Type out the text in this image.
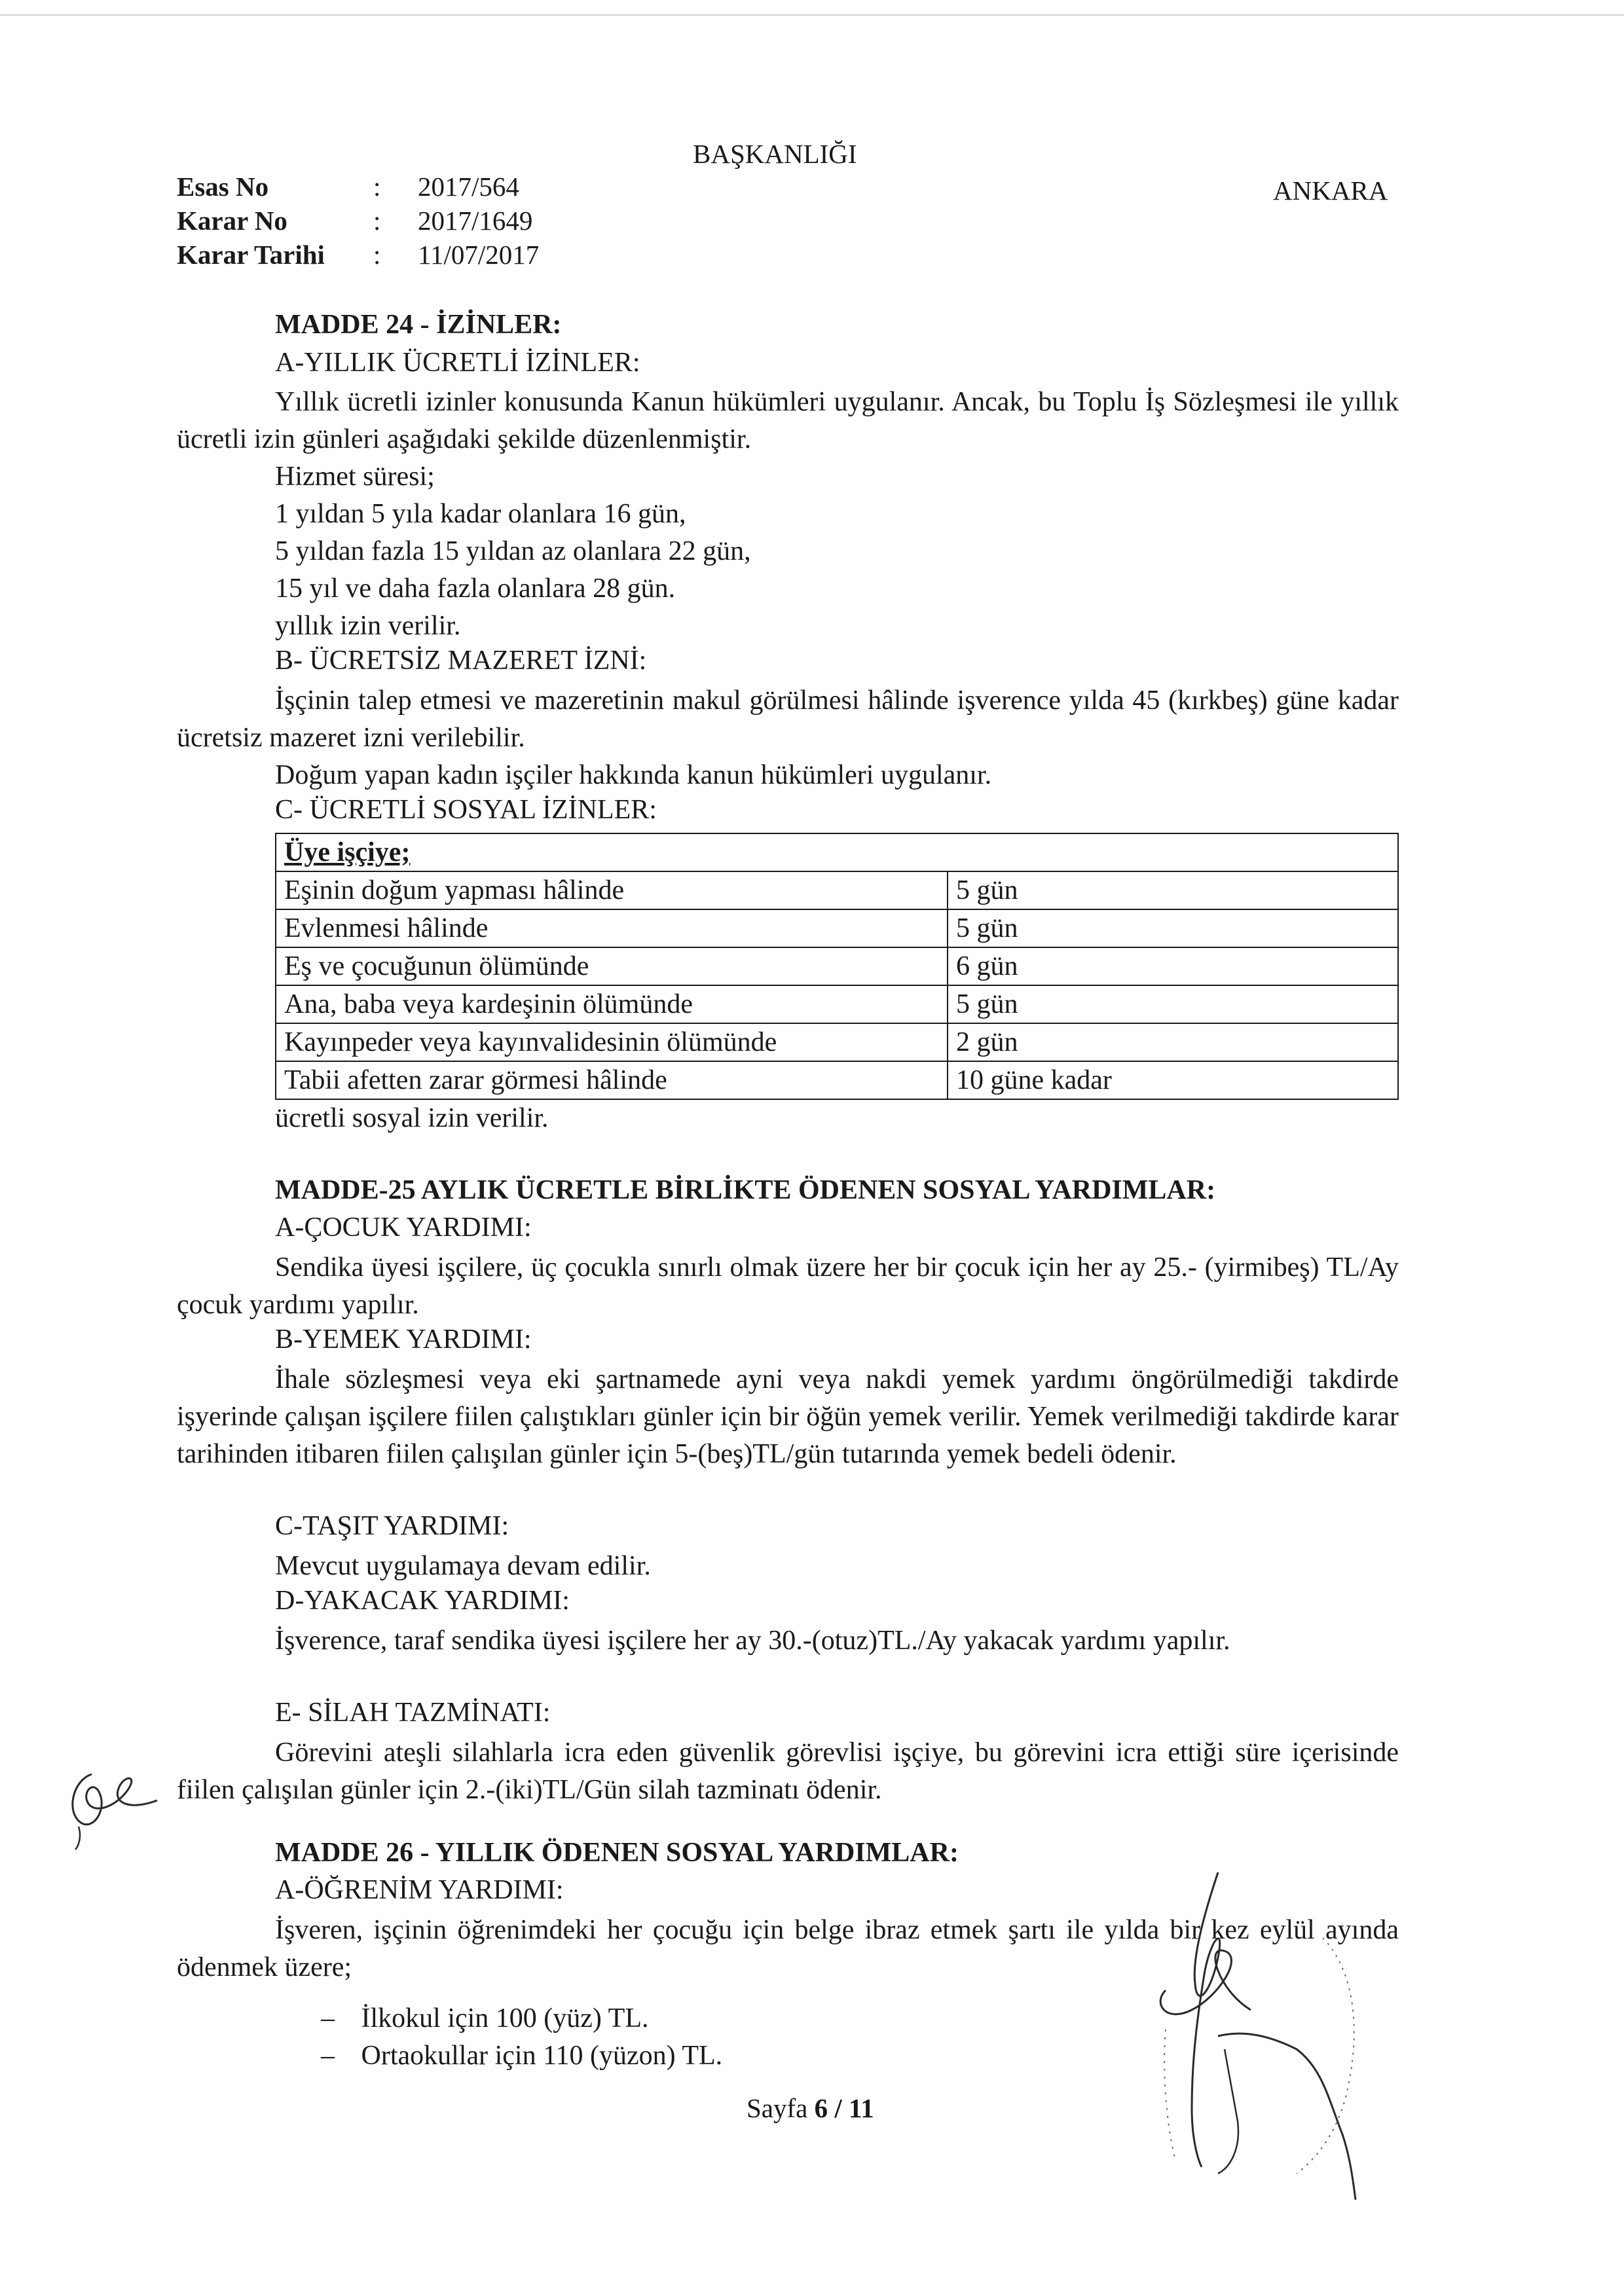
BAŞKANLIĞI
ANKARA
Esas No	: 2017/564
Karar No	: 2017/1649
Karar Tarihi : 11/07/2017
MADDE 24 - İZİNLER:
A-YILLIK ÜCRETLİ İZİNLER:
Yıllık ücretli izinler konusunda Kanun hükümleri uygulanır. Ancak, bu Toplu İş Sözleşmesi ile yıllık ücretli izin günleri aşağıdaki şekilde düzenlenmiştir.
Hizmet süresi;
1 yıldan 5 yıla kadar olanlara 16 gün,
5 yıldan fazla 15 yıldan az olanlara 22 gün,
15 yıl ve daha fazla olanlara 28 gün.
yıllık izin verilir.
B- ÜCRETSİZ MAZERET İZNİ:
İşçinin talep etmesi ve mazeretinin makul görülmesi hâlinde işverence yılda 45 (kırkbeş) güne kadar ücretsiz mazeret izni verilebilir.
Doğum yapan kadın işçiler hakkında kanun hükümleri uygulanır.
C- ÜCRETLİ SOSYAL İZİNLER:
Üye işçiye;	
Eşinin doğum yapması hâlinde	5 gün
Evlenmesi hâlinde	5 gün
Eş ve çocuğunun ölümünde	6 gün
Ana, baba veya kardeşinin ölümünde	5 gün
Kayınpeder veya kayınvalidesinin ölümünde	2 gün
Tabii afetten zarar görmesi hâlinde	10 güne kadar
ücretli sosyal izin verilir.
MADDE-25 AYLIK ÜCRETLE BİRLİKTE ÖDENEN SOSYAL YARDIMLAR:
A-ÇOCUK YARDIMI:
Sendika üyesi işçilere, üç çocukla sınırlı olmak üzere her bir çocuk için her ay 25.- (yirmibeş) TL/Ay çocuk yardımı yapılır.
B-YEMEK YARDIMI:
İhale sözleşmesi veya eki şartnamede ayni veya nakdi yemek yardımı öngörülmediği takdirde işyerinde çalışan işçilere fiilen çalıştıkları günler için bir öğün yemek verilir. Yemek verilmediği takdirde karar tarihinden itibaren fiilen çalışılan günler için 5-(beş)TL/gün tutarında yemek bedeli ödenir.
C-TAŞIT YARDIMI:
Mevcut uygulamaya devam edilir.
D-YAKACAK YARDIMI:
İşverence, taraf sendika üyesi işçilere her ay 30.-(otuz)TL./Ay yakacak yardımı yapılır.
E- SİLAH TAZMİNATI:
Görevini ateşli silahlarla icra eden güvenlik görevlisi işçiye, bu görevini icra ettiği süre içerisinde fiilen çalışılan günler için 2.-(iki)TL/Gün silah tazminatı ödenir.
MADDE 26 - YILLIK ÖDENEN SOSYAL YARDIMLAR:
A-ÖĞRENİM YARDIMI:
İşveren, işçinin öğrenimdeki her çocuğu için belge ibraz etmek şartı ile yılda bir kez eylül ayında ödenmek üzere;
– İlkokul için 100 (yüz) TL.
– Ortaokullar için 110 (yüzon) TL.
Sayfa 6 / 11
